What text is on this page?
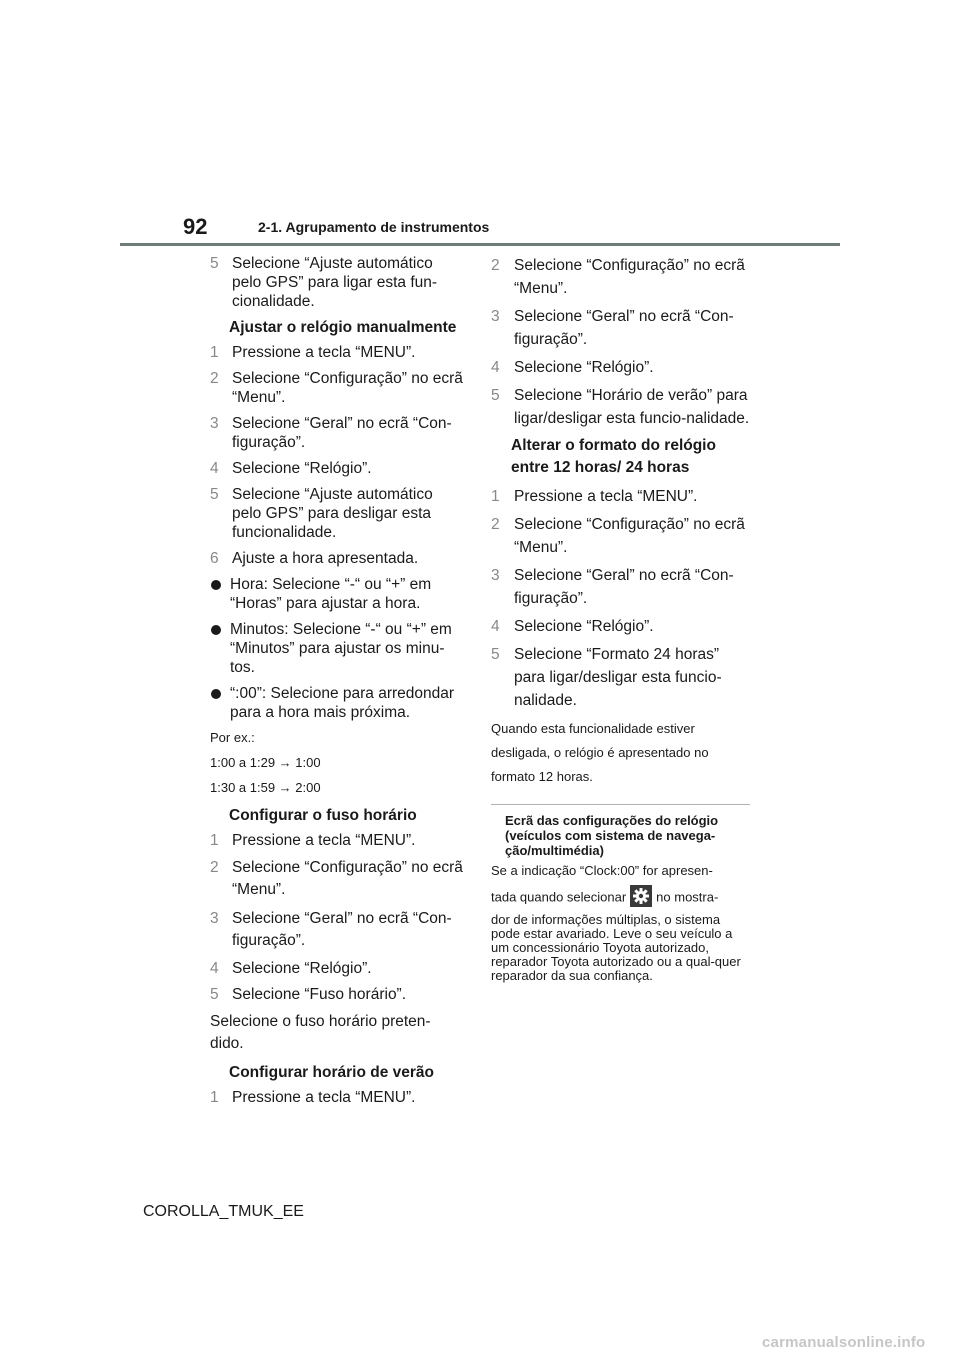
92	2-1. Agrupamento de instrumentos
5 Selecione “Ajuste automático pelo GPS” para ligar esta fun-cionalidade.
Ajustar o relógio manualmente
1 Pressione a tecla “MENU”.
2 Selecione “Configuração” no ecrã “Menu”.
3 Selecione “Geral” no ecrã “Con-figuração”.
4 Selecione “Relógio”.
5 Selecione “Ajuste automático pelo GPS” para desligar esta funcionalidade.
6 Ajuste a hora apresentada.
Hora: Selecione “-“ ou “+” em “Horas” para ajustar a hora.
Minutos: Selecione “-“ ou “+” em “Minutos” para ajustar os minu-tos.
“:00”: Selecione para arredondar para a hora mais próxima.
Por ex.:
1:00 a 1:29 → 1:00
1:30 a 1:59 → 2:00
Configurar o fuso horário
1 Pressione a tecla “MENU”.
2 Selecione “Configuração” no ecrã “Menu”.
3 Selecione “Geral” no ecrã “Con-figuração”.
4 Selecione “Relógio”.
5 Selecione “Fuso horário”.
Selecione o fuso horário preten-dido.
Configurar horário de verão
1 Pressione a tecla “MENU”.
2 Selecione “Configuração” no ecrã “Menu”.
3 Selecione “Geral” no ecrã “Con-figuração”.
4 Selecione “Relógio”.
5 Selecione “Horário de verão” para ligar/desligar esta funcio-nalidade.
Alterar o formato do relógio entre 12 horas/ 24 horas
1 Pressione a tecla “MENU”.
2 Selecione “Configuração” no ecrã “Menu”.
3 Selecione “Geral” no ecrã “Con-figuração”.
4 Selecione “Relógio”.
5 Selecione “Formato 24 horas” para ligar/desligar esta funcio-nalidade.
Quando esta funcionalidade estiver desligada, o relógio é apresentado no formato 12 horas.
Ecrã das configurações do relógio (veículos com sistema de navega-ção/multimédia)
Se a indicação “Clock:00” for apresen-
tada quando selecionar no mostra-
dor de informações múltiplas, o sistema pode estar avariado. Leve o seu veículo a um concessionário Toyota autorizado, reparador Toyota autorizado ou a qual-quer reparador da sua confiança.
COROLLA_TMUK_EE
carmanualsonline.info
